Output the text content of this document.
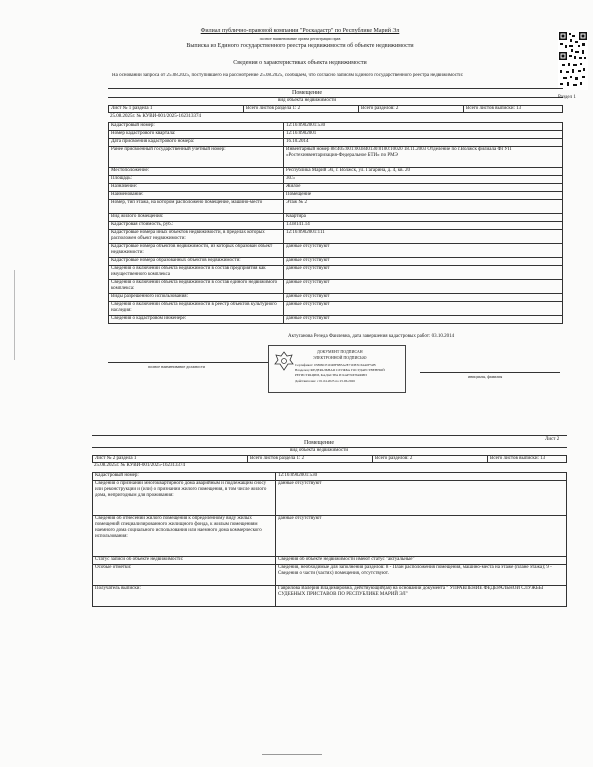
Филиал публично-правовой компании "Роскадастр" по Республике Марий Эл
полное наименование органа регистрации прав
Выписка из Единого государственного реестра недвижимости об объекте недвижимости
Сведения о характеристиках объекта недвижимости
На основании запроса от 25.08.2025, поступившего на рассмотрение 25.08.2025, сообщаем, что согласно записям Единого государственного реестра недвижимости:
Помещение
вид объекта недвижимости
Раздел 1
Лист № 1 раздела 1	Всего листов раздела 1: 2	Всего разделов: 2	Всего листов выписки: 13
25.08.2025г. № КУВИ-001/2025-162313374
Кадастровый номер:	12:16:0902001:530
Номер кадастрового квартала:	12:16:0902001
Дата присвоения кадастрового номера:	16.10.2014
Ранее присвоенный государственный учетный номер:	Инвентарный номер 88:405:001:003840130:0100:10020 18.11.2003 Отделение по г.Волжск филиала ФГУП «Ростехинвентаризация-Федеральное БТИ» по РМЭ
Местоположение:	Республика Марий Эл, г. Волжск, ул. Гагарина, д. 4, кв. 20
Площадь:	30.5
Назначение:	Жилое
Наименование:	Помещение
Номер, тип этажа, на котором расположено помещение, машино-место	Этаж № 2
Вид жилого помещения:	Квартира
Кадастровая стоимость, руб.:	1338141.14
Кадастровые номера иных объектов недвижимости, в пределах которых расположен объект недвижимости:	12:16:0902001:111
Кадастровые номера объектов недвижимости, из которых образован объект недвижимости:	данные отсутствуют
Кадастровые номера образованных объектов недвижимости:	данные отсутствуют
Сведения о включении объекта недвижимости в состав предприятия как имущественного комплекса	данные отсутствуют
Сведения о включении объекта недвижимости в состав единого недвижимого комплекса:	данные отсутствуют
Виды разрешенного использования:	данные отсутствуют
Сведения о включении объекта недвижимости в реестр объектов культурного наследия:	данные отсутствуют
Сведения о кадастровом инженере:	данные отсутствуют
Актуганова Резеда Фаилевна, дата завершения кадастровых работ: 03.10.2014
полное наименование должности
инициалы, фамилия
ДОКУМЕНТ ПОДПИСАН
ЭЛЕКТРОННОЙ ПОДПИСЬЮ
Сертификат: 03B09CE1D48F6B5A2E71DE3C64A0F52B
Владелец: ФЕДЕРАЛЬНАЯ СЛУЖБА ГОСУДАРСТВЕННОЙ
РЕГИСТРАЦИИ, КАДАСТРА И КАРТОГРАФИИ
Действителен: с 01.04.2025 по 25.06.2026
Лист 2
Помещение
вид объекта недвижимости
Лист № 2 раздела 1	Всего листов раздела 1: 2	Всего разделов: 2	Всего листов выписки: 13
25.08.2025г. № КУВИ-001/2025-162313374
Кадастровый номер:	12:16:0902001:530
Сведения о признании многоквартирного дома аварийным и подлежащим сносу или реконструкции и (или) о признании жилого помещения, в том числе жилого дома, непригодным для проживания:	данные отсутствуют
Сведения об отнесении жилого помещения к определенному виду жилых помещений специализированного жилищного фонда, к жилым помещениям наемного дома социального использования или наемного дома коммерческого использования:	данные отсутствуют
Статус записи об объекте недвижимости:	Сведения об объекте недвижимости имеют статус "актуальные"
Особые отметки:	Сведения, необходимые для заполнения разделов: 8 - План расположения помещения, машино-места на этаже (плане этажа); 9 - Сведения о части (частях) помещения, отсутствуют.
Получатель выписки:	Гаврилова Валерия Владимировна, действующий(ая) на основании документа " УПРАВЛЕНИЕ ФЕДЕРАЛЬНОЙ СЛУЖБЫ СУДЕБНЫХ ПРИСТАВОВ ПО РЕСПУБЛИКЕ МАРИЙ ЭЛ"
